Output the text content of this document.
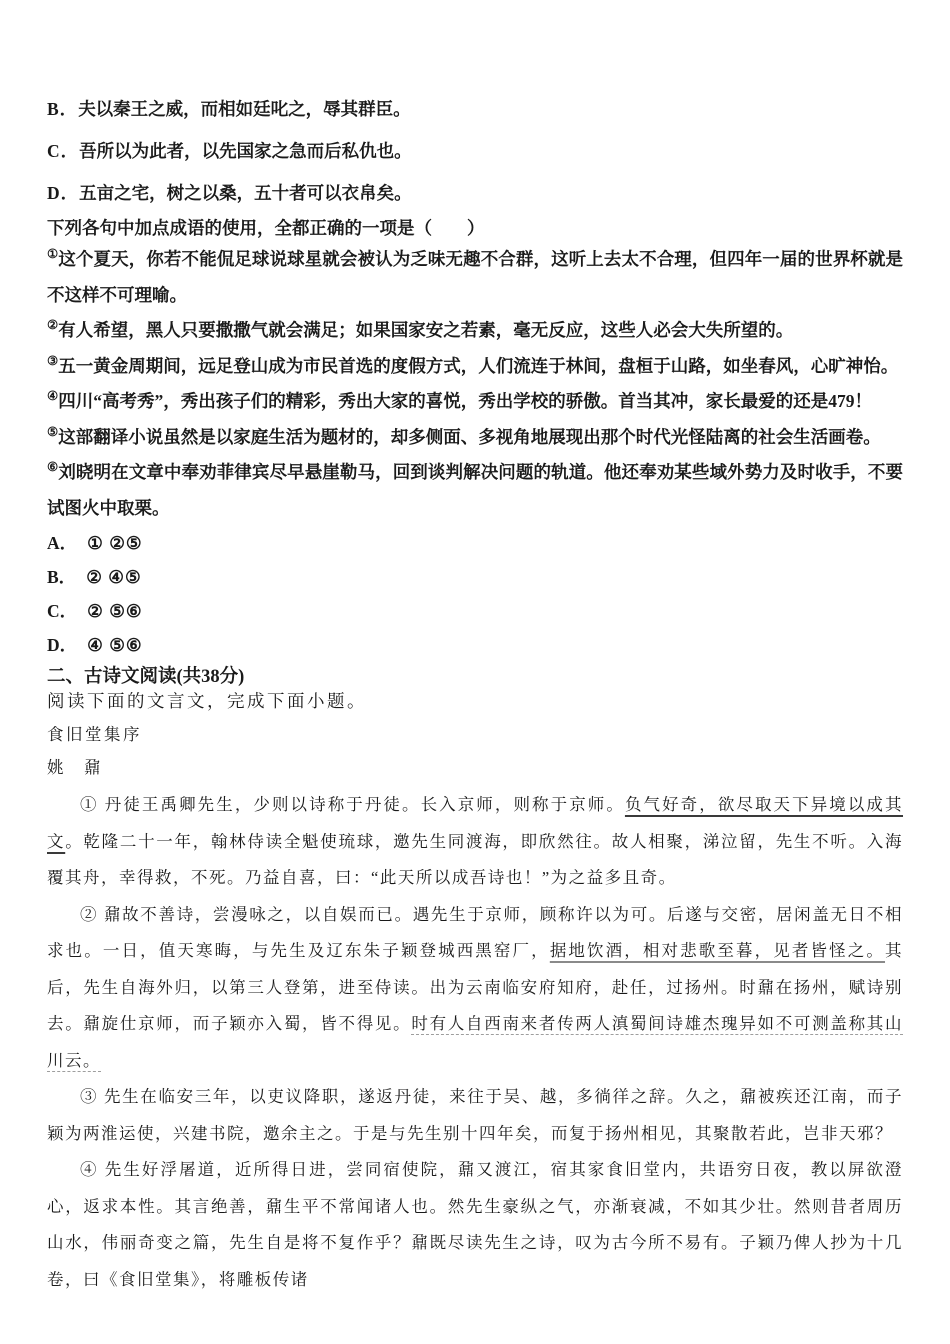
B．夫以秦王之威，而相如廷叱之，辱其群臣。

C．吾所以为此者，以先国家之急而后私仇也。

D．五亩之宅，树之以桑，五十者可以衣帛矣。

下列各句中加点成语的使用，全都正确的一项是（　　）

①这个夏天，你若不能侃足球说球星就会被认为乏味无趣不合群，这听上去太不合理，但四年一届的世界杯就是不这样不可理喻。

②有人希望，黑人只要撒撒气就会满足；如果国家安之若素，毫无反应，这些人必会大失所望的。

③五一黄金周期间，远足登山成为市民首选的度假方式，人们流连于林间，盘桓于山路，如坐春风，心旷神怡。

④四川“高考秀”，秀出孩子们的精彩，秀出大家的喜悦，秀出学校的骄傲。首当其冲，家长最爱的还是479！

⑤这部翻译小说虽然是以家庭生活为题材的，却多侧面、多视角地展现出那个时代光怪陆离的社会生活画卷。

⑥刘晓明在文章中奉劝菲律宾尽早悬崖勒马，回到谈判解决问题的轨道。他还奉劝某些域外势力及时收手，不要试图火中取栗。

A． ① ②⑤

B． ② ④⑤

C． ② ⑤⑥

D． ④ ⑤⑥

二、古诗文阅读(共38分)

阅读下面的文言文，完成下面小题。

食旧堂集序

姚　鼐

① 丹徒王禹卿先生，少则以诗称于丹徒。长入京师，则称于京师。负气好奇，欲尽取天下异境以成其文。乾隆二十一年，翰林侍读全魁使琉球，邀先生同渡海，即欣然往。故人相聚，涕泣留，先生不听。入海覆其舟，幸得救，不死。乃益自喜，曰：“此天所以成吾诗也！”为之益多且奇。

② 鼐故不善诗，尝漫咏之，以自娱而已。遇先生于京师，顾称许以为可。后遂与交密，居闲盖无日不相求也。一日，值天寒晦，与先生及辽东朱子颖登城西黑窑厂，据地饮酒，相对悲歌至暮，见者皆怪之。其后，先生自海外归，以第三人登第，进至侍读。出为云南临安府知府，赴任，过扬州。时鼐在扬州，赋诗别去。鼐旋仕京师，而子颖亦入蜀，皆不得见。时有人自西南来者传两人滇蜀间诗雄杰瑰异如不可测盖称其山川云。

③ 先生在临安三年，以吏议降职，遂返丹徒，来往于吴、越，多徜徉之辞。久之，鼐被疾还江南，而子颖为两淮运使，兴建书院，邀余主之。于是与先生别十四年矣，而复于扬州相见，其聚散若此，岂非天邪？

④ 先生好浮屠道，近所得日进，尝同宿使院，鼐又渡江，宿其家食旧堂内，共语穷日夜，教以屏欲澄心，返求本性。其言绝善，鼐生平不常闻诸人也。然先生豪纵之气，亦渐衰减，不如其少壮。然则昔者周历山水，伟丽奇变之篇，先生自是将不复作乎？鼐既尽读先生之诗，叹为古今所不易有。子颖乃俾人抄为十几卷，曰《食旧堂集》，将雕板传诸
